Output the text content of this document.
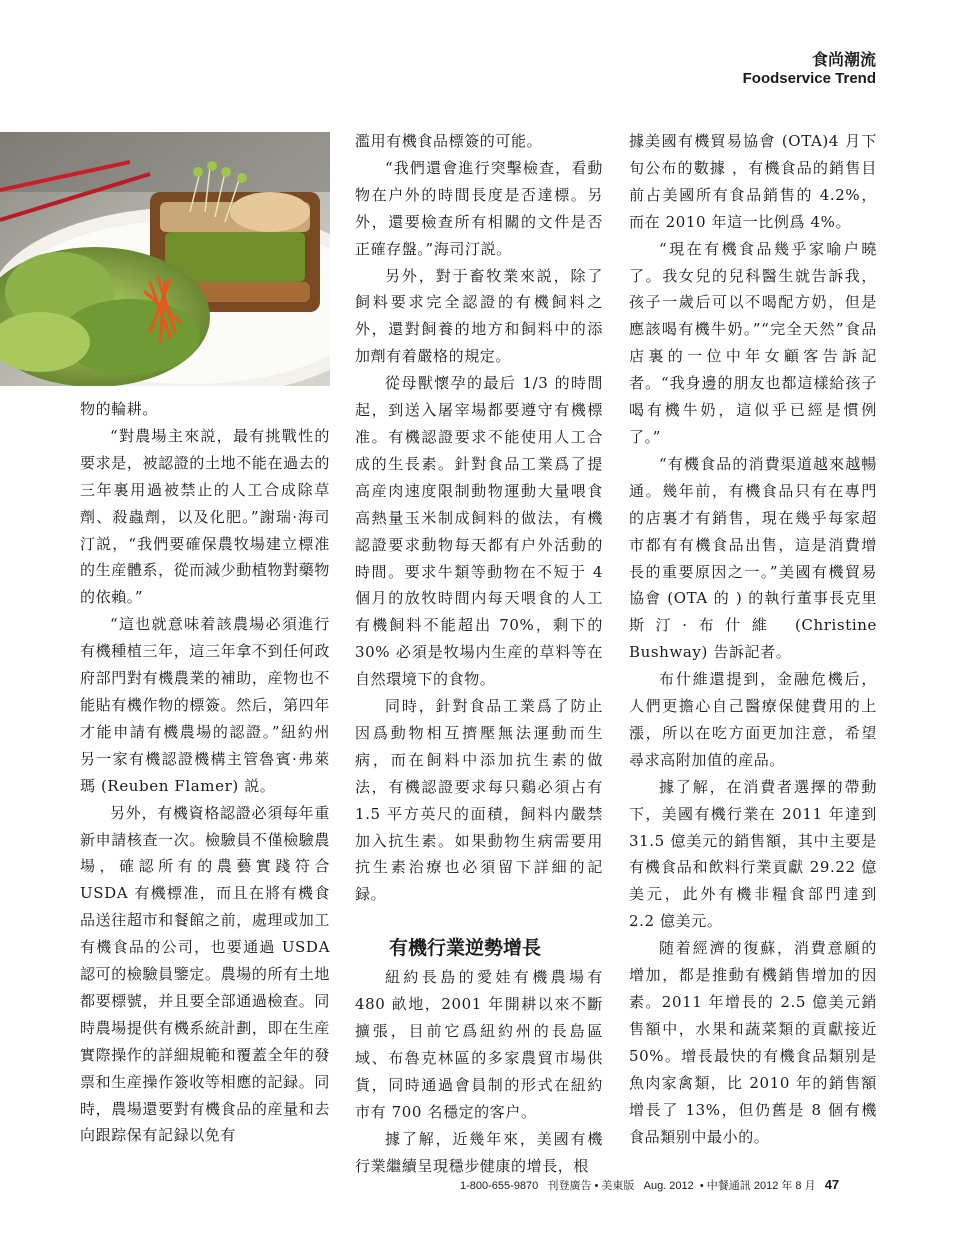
食尚潮流
Foodservice Trend

物的輪耕。

“對農場主來説，最有挑戰性的要求是，被認證的土地不能在過去的三年裏用過被禁止的人工合成除草劑、殺蟲劑，以及化肥。”謝瑞·海司汀説，“我們要確保農牧場建立標准的生産體系，從而減少動植物對藥物的依賴。”

“這也就意味着該農場必須進行有機種植三年，這三年拿不到任何政府部門對有機農業的補助，産物也不能貼有機作物的標簽。然后，第四年才能申請有機農場的認證。”紐約州另一家有機認證機構主管魯賓·弗萊瑪 (Reuben Flamer) 説。

另外，有機資格認證必須每年重新申請核查一次。檢驗員不僅檢驗農場，確認所有的農藝實踐符合 USDA 有機標准，而且在將有機食品送往超市和餐館之前，處理或加工有機食品的公司，也要通過 USDA 認可的檢驗員鑒定。農場的所有土地都要標號，并且要全部通過檢查。同時農場提供有機系統計劃，即在生産實際操作的詳細規範和覆蓋全年的發票和生産操作簽收等相應的記録。同時，農場還要對有機食品的産量和去向跟踪保有記録以免有

濫用有機食品標簽的可能。

“我們還會進行突擊檢查，看動物在户外的時間長度是否達標。另外，還要檢查所有相關的文件是否正確存盤。”海司汀説。

另外，對于畜牧業來説，除了飼料要求完全認證的有機飼料之外，還對飼養的地方和飼料中的添加劑有着嚴格的規定。

從母獸懷孕的最后 1/3 的時間起，到送入屠宰場都要遵守有機標准。有機認證要求不能使用人工合成的生長素。針對食品工業爲了提高産肉速度限制動物運動大量喂食高熱量玉米制成飼料的做法，有機認證要求動物每天都有户外活動的時間。要求牛類等動物在不短于 4 個月的放牧時間内每天喂食的人工有機飼料不能超出 70%，剩下的 30% 必須是牧場内生産的草料等在自然環境下的食物。

同時，針對食品工業爲了防止因爲動物相互擠壓無法運動而生病，而在飼料中添加抗生素的做法，有機認證要求每只鷄必須占有 1.5 平方英尺的面積，飼料内嚴禁加入抗生素。如果動物生病需要用抗生素治療也必須留下詳細的記録。

有機行業逆勢增長

紐約長島的愛娃有機農場有 480 畝地，2001 年開耕以來不斷擴張，目前它爲紐約州的長島區域、布魯克林區的多家農貿市場供貨，同時通過會員制的形式在紐約市有 700 名穩定的客户。

據了解，近幾年來，美國有機行業繼續呈現穩步健康的增長，根

據美國有機貿易協會 (OTA)4 月下旬公布的數據 ，有機食品的銷售目前占美國所有食品銷售的 4.2%，而在 2010 年這一比例爲 4%。

“現在有機食品幾乎家喻户曉了。我女兒的兒科醫生就告訴我，孩子一歲后可以不喝配方奶，但是應該喝有機牛奶。”“完全天然”食品店裏的一位中年女顧客告訴記者。“我身邊的朋友也都這樣給孩子喝有機牛奶，這似乎已經是慣例了。”

“有機食品的消費渠道越來越暢通。幾年前，有機食品只有在專門的店裏才有銷售，現在幾乎每家超市都有有機食品出售，這是消費增長的重要原因之一。”美國有機貿易協會 (OTA 的 ) 的執行董事長克里斯汀·布什維 (Christine Bushway) 告訴記者。

布什維還提到，金融危機后，人們更擔心自己醫療保健費用的上漲，所以在吃方面更加注意，希望尋求高附加值的産品。

據了解，在消費者選擇的帶動下，美國有機行業在 2011 年達到 31.5 億美元的銷售額，其中主要是有機食品和飲料行業貢獻 29.22 億美元，此外有機非糧食部門達到 2.2 億美元。

随着經濟的復蘇，消費意願的增加，都是推動有機銷售增加的因素。2011 年增長的 2.5 億美元銷售額中，水果和蔬菜類的貢獻接近 50%。增長最快的有機食品類别是魚肉家禽類，比 2010 年的銷售額增長了 13%，但仍舊是 8 個有機食品類别中最小的。

1-800-655-9870 刊登廣告 • 美東版 Aug. 2012 • 中餐通訊 2012 年 8 月 47
